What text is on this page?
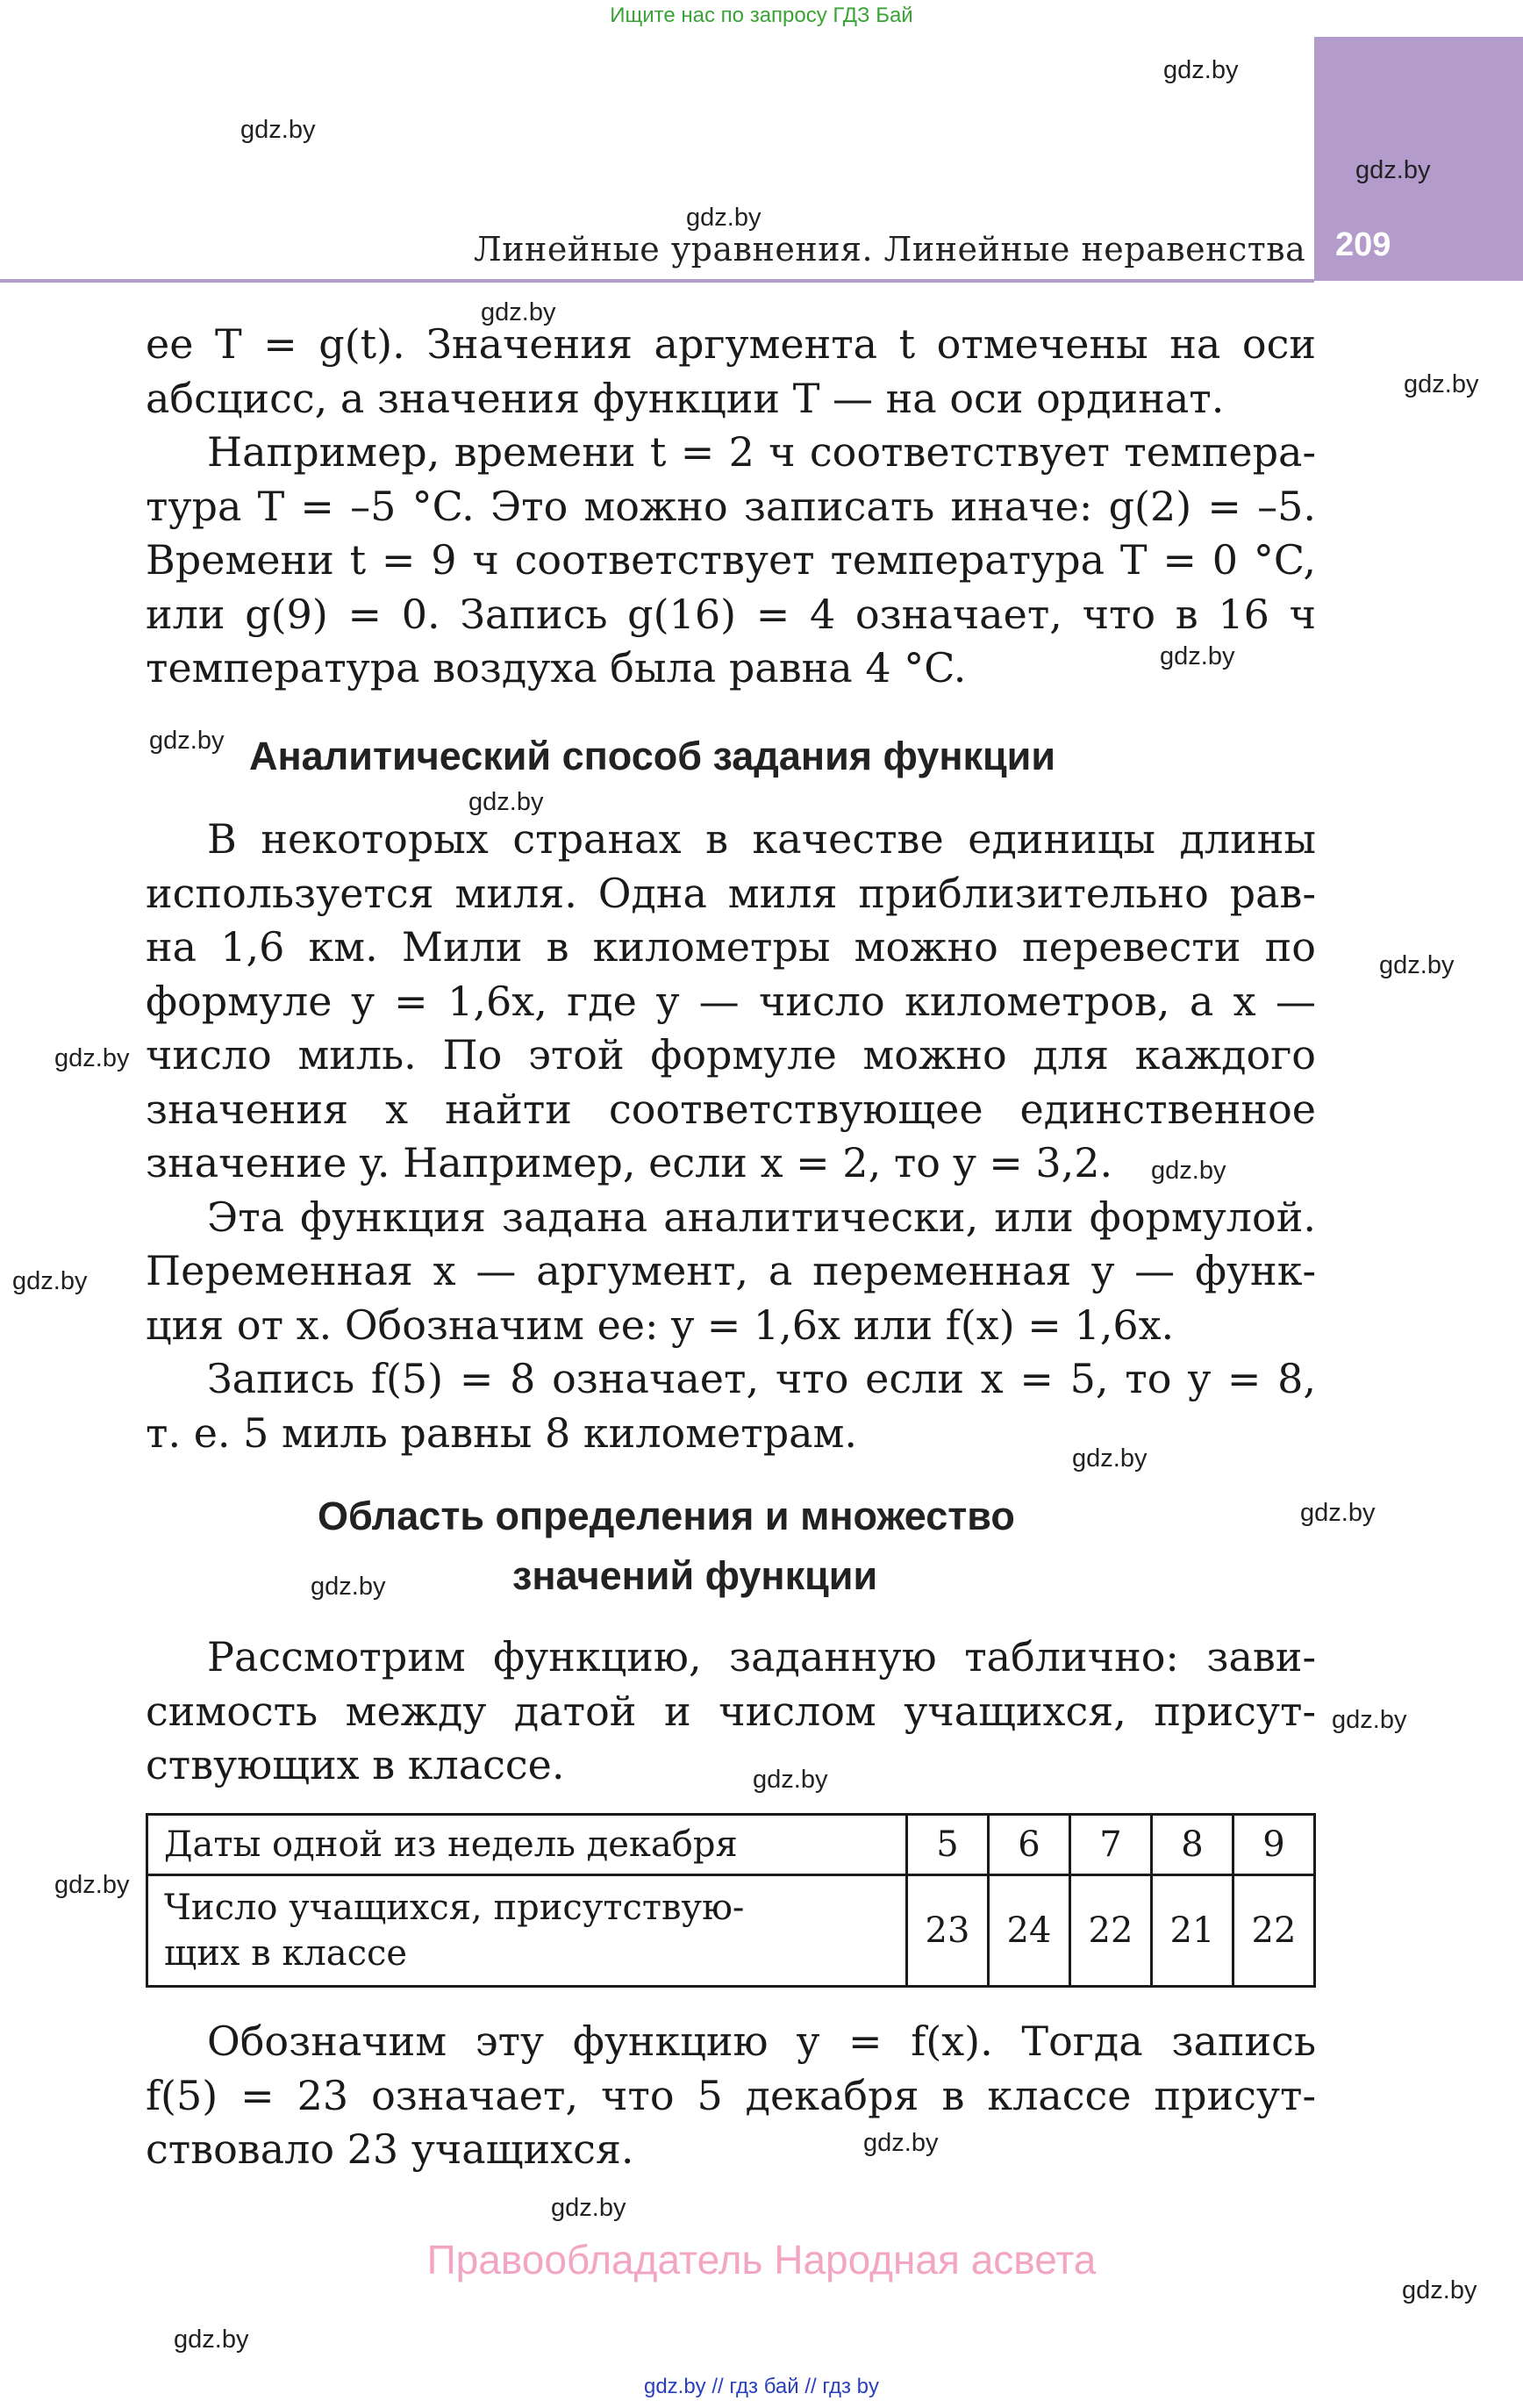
Ищите нас по запросу ГДЗ Бай
209
Линейные уравнения. Линейные неравенства
gdz.by
gdz.by
gdz.by
gdz.by
gdz.by
gdz.by
gdz.by
gdz.by
gdz.by
gdz.by
gdz.by
gdz.by
gdz.by
gdz.by
gdz.by
gdz.by
gdz.by
gdz.by
gdz.by
gdz.by
gdz.by
gdz.by
gdz.by

ее T = g(t). Значения аргумента t отмечены на оси

абсцисс, а значения функции T — на оси ординат.

Например, времени t = 2 ч соответствует темпера-

тура T = –5 °C. Это можно записать иначе: g(2) = –5.

Времени t = 9 ч соответствует температура T = 0 °C,

или g(9) = 0. Запись g(16) = 4 означает, что в 16 ч

температура воздуха была равна 4 °C.

Аналитический способ задания функции

В некоторых странах в качестве единицы длины

используется миля. Одна миля приблизительно рав-

на 1,6 км. Мили в километры можно перевести по

формуле y = 1,6x, где y — число километров, а x —

число миль. По этой формуле можно для каждого

значения x найти соответствующее единственное

значение y. Например, если x = 2, то y = 3,2.

Эта функция задана аналитически, или формулой.

Переменная x — аргумент, а переменная y — функ-

ция от x. Обозначим ее: y = 1,6x или f(x) = 1,6x.

Запись f(5) = 8 означает, что если x = 5, то y = 8,

т. е. 5 миль равны 8 километрам.

Область определения и множество
значений функции

Рассмотрим функцию, заданную таблично: зави-

симость между датой и числом учащихся, присут-

ствующих в классе.

Даты одной из недель декабря	5	6	7	8	9

Число учащихся, присутствую-
щих в классе	23	24	22	21	22

Обозначим эту функцию y = f(x). Тогда запись

f(5) = 23 означает, что 5 декабря в классе присут-

ствовало 23 учащихся.

Правообладатель Народная асвета
gdz.by // гдз бай // гдз by
